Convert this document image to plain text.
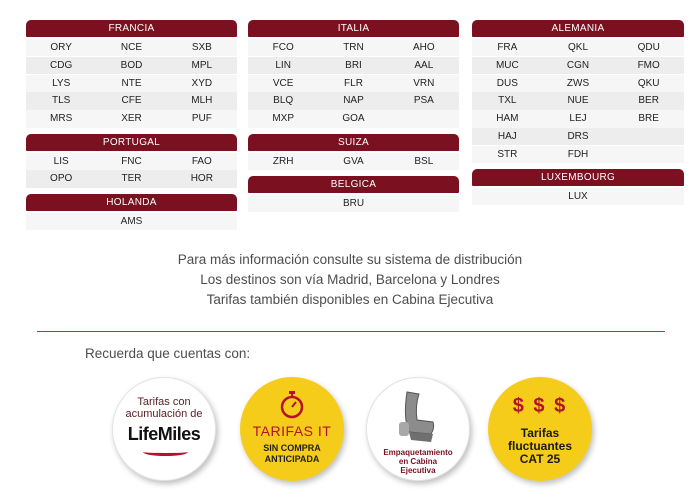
FRANCIA
ORY	NCE	SXB
CDG	BOD	MPL
LYS	NTE	XYD
TLS	CFE	MLH
MRS	XER	PUF
PORTUGAL
LIS	FNC	FAO
OPO	TER	HOR
HOLANDA
AMS
ITALIA
FCO	TRN	AHO
LIN	BRI	AAL
VCE	FLR	VRN
BLQ	NAP	PSA
MXP	GOA
SUIZA
ZRH	GVA	BSL
BELGICA
BRU
ALEMANIA
FRA	QKL	QDU
MUC	CGN	FMO
DUS	ZWS	QKU
TXL	NUE	BER
HAM	LEJ	BRE
HAJ	DRS
STR	FDH
LUXEMBOURG
LUX
Para más información consulte su sistema de distribución
Los destinos son vía Madrid, Barcelona y Londres
Tarifas también disponibles en Cabina Ejecutiva
Recuerda que cuentas con:
Tarifas con
acumulación de
LifeMiles	TARIFAS IT
SIN COMPRA
ANTICIPADA
Empaquetamiento
en Cabina
Ejecutiva
$ $ $
Tarifas
fluctuantes
CAT 25
